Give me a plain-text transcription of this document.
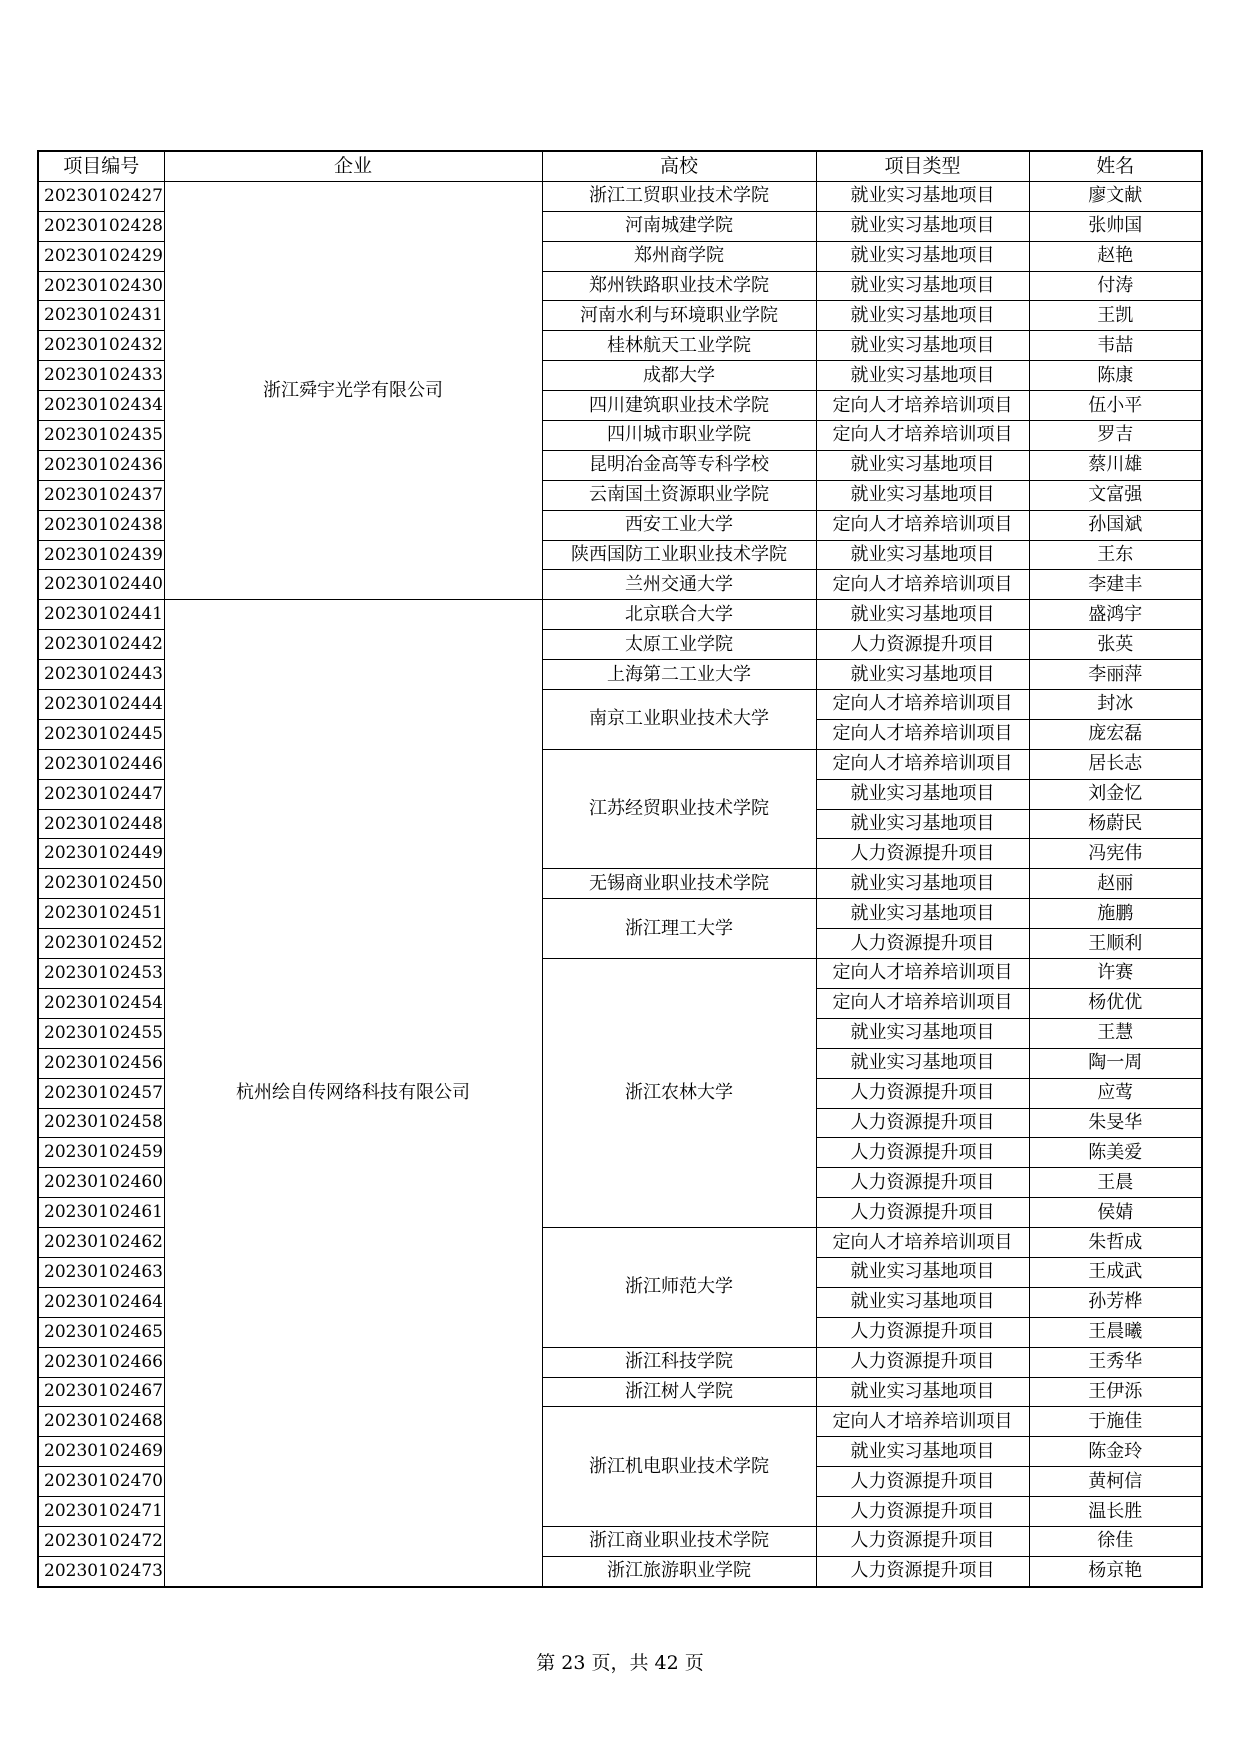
项目编号	企业	高校	项目类型	姓名
20230102427	浙江舜宇光学有限公司	浙江工贸职业技术学院	就业实习基地项目	廖文献
20230102428		河南城建学院	就业实习基地项目	张帅国
20230102429		郑州商学院	就业实习基地项目	赵艳
20230102430		郑州铁路职业技术学院	就业实习基地项目	付涛
20230102431		河南水利与环境职业学院	就业实习基地项目	王凯
20230102432		桂林航天工业学院	就业实习基地项目	韦喆
20230102433		成都大学	就业实习基地项目	陈康
20230102434		四川建筑职业技术学院	定向人才培养培训项目	伍小平
20230102435		四川城市职业学院	定向人才培养培训项目	罗吉
20230102436		昆明冶金高等专科学校	就业实习基地项目	蔡川雄
20230102437		云南国土资源职业学院	就业实习基地项目	文富强
20230102438		西安工业大学	定向人才培养培训项目	孙国斌
20230102439		陕西国防工业职业技术学院	就业实习基地项目	王东
20230102440		兰州交通大学	定向人才培养培训项目	李建丰
20230102441	杭州绘自传网络科技有限公司	北京联合大学	就业实习基地项目	盛鸿宇
20230102442		太原工业学院	人力资源提升项目	张英
20230102443		上海第二工业大学	就业实习基地项目	李丽萍
20230102444		南京工业职业技术大学	定向人才培养培训项目	封冰
20230102445			定向人才培养培训项目	庞宏磊
20230102446		江苏经贸职业技术学院	定向人才培养培训项目	居长志
20230102447			就业实习基地项目	刘金忆
20230102448			就业实习基地项目	杨蔚民
20230102449			人力资源提升项目	冯宪伟
20230102450		无锡商业职业技术学院	就业实习基地项目	赵丽
20230102451		浙江理工大学	就业实习基地项目	施鹏
20230102452			人力资源提升项目	王顺利
20230102453		浙江农林大学	定向人才培养培训项目	许赛
20230102454			定向人才培养培训项目	杨优优
20230102455			就业实习基地项目	王慧
20230102456			就业实习基地项目	陶一周
20230102457			人力资源提升项目	应莺
20230102458			人力资源提升项目	朱旻华
20230102459			人力资源提升项目	陈美爱
20230102460			人力资源提升项目	王晨
20230102461			人力资源提升项目	侯婧
20230102462		浙江师范大学	定向人才培养培训项目	朱哲成
20230102463			就业实习基地项目	王成武
20230102464			就业实习基地项目	孙芳桦
20230102465			人力资源提升项目	王晨曦
20230102466		浙江科技学院	人力资源提升项目	王秀华
20230102467		浙江树人学院	就业实习基地项目	王伊泺
20230102468		浙江机电职业技术学院	定向人才培养培训项目	于施佳
20230102469			就业实习基地项目	陈金玲
20230102470			人力资源提升项目	黄柯信
20230102471			人力资源提升项目	温长胜
20230102472		浙江商业职业技术学院	人力资源提升项目	徐佳
20230102473		浙江旅游职业学院	人力资源提升项目	杨京艳
第 23 页，共 42 页
